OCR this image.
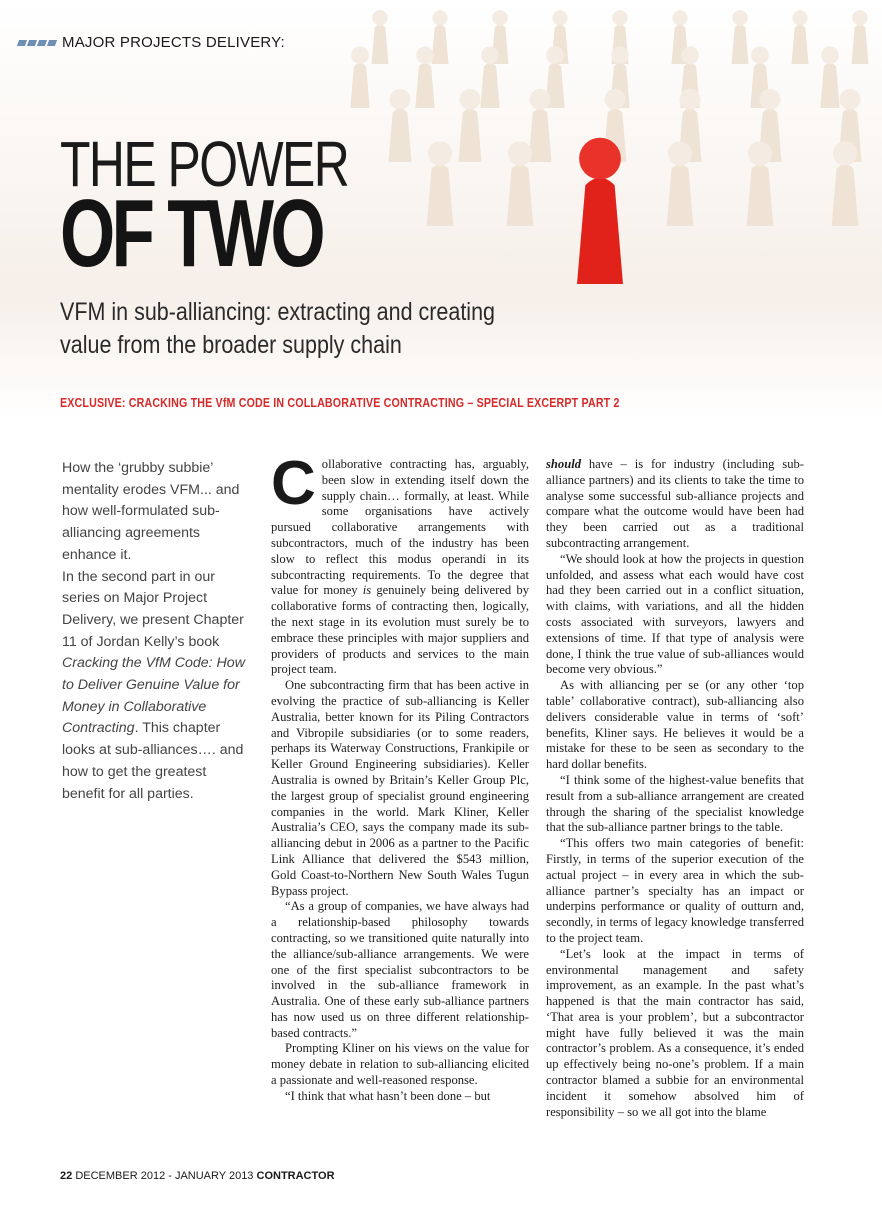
MAJOR PROJECTS DELIVERY:
THE POWER
OF TWO
VFM in sub-alliancing: extracting and creating value from the broader supply chain
EXCLUSIVE: CRACKING THE VfM CODE IN COLLABORATIVE CONTRACTING – SPECIAL EXCERPT PART 2

How the ‘grubby subbie’ mentality erodes VFM... and how well-formulated sub-alliancing agreements enhance it.

In the second part in our series on Major Project Delivery, we present Chapter 11 of Jordan Kelly’s book Cracking the VfM Code: How to Deliver Genuine Value for Money in Collaborative Contracting. This chapter looks at sub-alliances…. and how to get the greatest benefit for all parties.

Collaborative contracting has, arguably, been slow in extending itself down the supply chain… formally, at least. While some organisations have actively pursued collaborative arrangements with subcontractors, much of the industry has been slow to reflect this modus operandi in its subcontracting requirements. To the degree that value for money is genuinely being delivered by collaborative forms of contracting then, logically, the next stage in its evolution must surely be to embrace these principles with major suppliers and providers of products and services to the main project team.

One subcontracting firm that has been active in evolving the practice of sub-alliancing is Keller Australia, better known for its Piling Contractors and Vibropile subsidiaries (or to some readers, perhaps its Waterway Constructions, Frankipile or Keller Ground Engineering subsidiaries). Keller Australia is owned by Britain’s Keller Group Plc, the largest group of specialist ground engineering companies in the world. Mark Kliner, Keller Australia’s CEO, says the company made its sub-alliancing debut in 2006 as a partner to the Pacific Link Alliance that delivered the $543 million, Gold Coast-to-Northern New South Wales Tugun Bypass project.

“As a group of companies, we have always had a relationship-based philosophy towards contracting, so we transitioned quite naturally into the alliance/sub-alliance arrangements. We were one of the first specialist subcontractors to be involved in the sub-alliance framework in Australia. One of these early sub-alliance partners has now used us on three different relationship-based contracts.”

Prompting Kliner on his views on the value for money debate in relation to sub-alliancing elicited a passionate and well-reasoned response.

“I think that what hasn’t been done – but

should have – is for industry (including sub-alliance partners) and its clients to take the time to analyse some successful sub-alliance projects and compare what the outcome would have been had they been carried out as a traditional subcontracting arrangement.

“We should look at how the projects in question unfolded, and assess what each would have cost had they been carried out in a conflict situation, with claims, with variations, and all the hidden costs associated with surveyors, lawyers and extensions of time. If that type of analysis were done, I think the true value of sub-alliances would become very obvious.”

As with alliancing per se (or any other ‘top table’ collaborative contract), sub-alliancing also delivers considerable value in terms of ‘soft’ benefits, Kliner says. He believes it would be a mistake for these to be seen as secondary to the hard dollar benefits.

“I think some of the highest-value benefits that result from a sub-alliance arrangement are created through the sharing of the specialist knowledge that the sub-alliance partner brings to the table.

“This offers two main categories of benefit: Firstly, in terms of the superior execution of the actual project – in every area in which the sub-alliance partner’s specialty has an impact or underpins performance or quality of outturn and, secondly, in terms of legacy knowledge transferred to the project team.

“Let’s look at the impact in terms of environmental management and safety improvement, as an example. In the past what’s happened is that the main contractor has said, ‘That area is your problem’, but a subcontractor might have fully believed it was the main contractor’s problem. As a consequence, it’s ended up effectively being no-one’s problem. If a main contractor blamed a subbie for an environmental incident it somehow absolved him of responsibility – so we all got into the blame

22 DECEMBER 2012 - JANUARY 2013 CONTRACTOR
